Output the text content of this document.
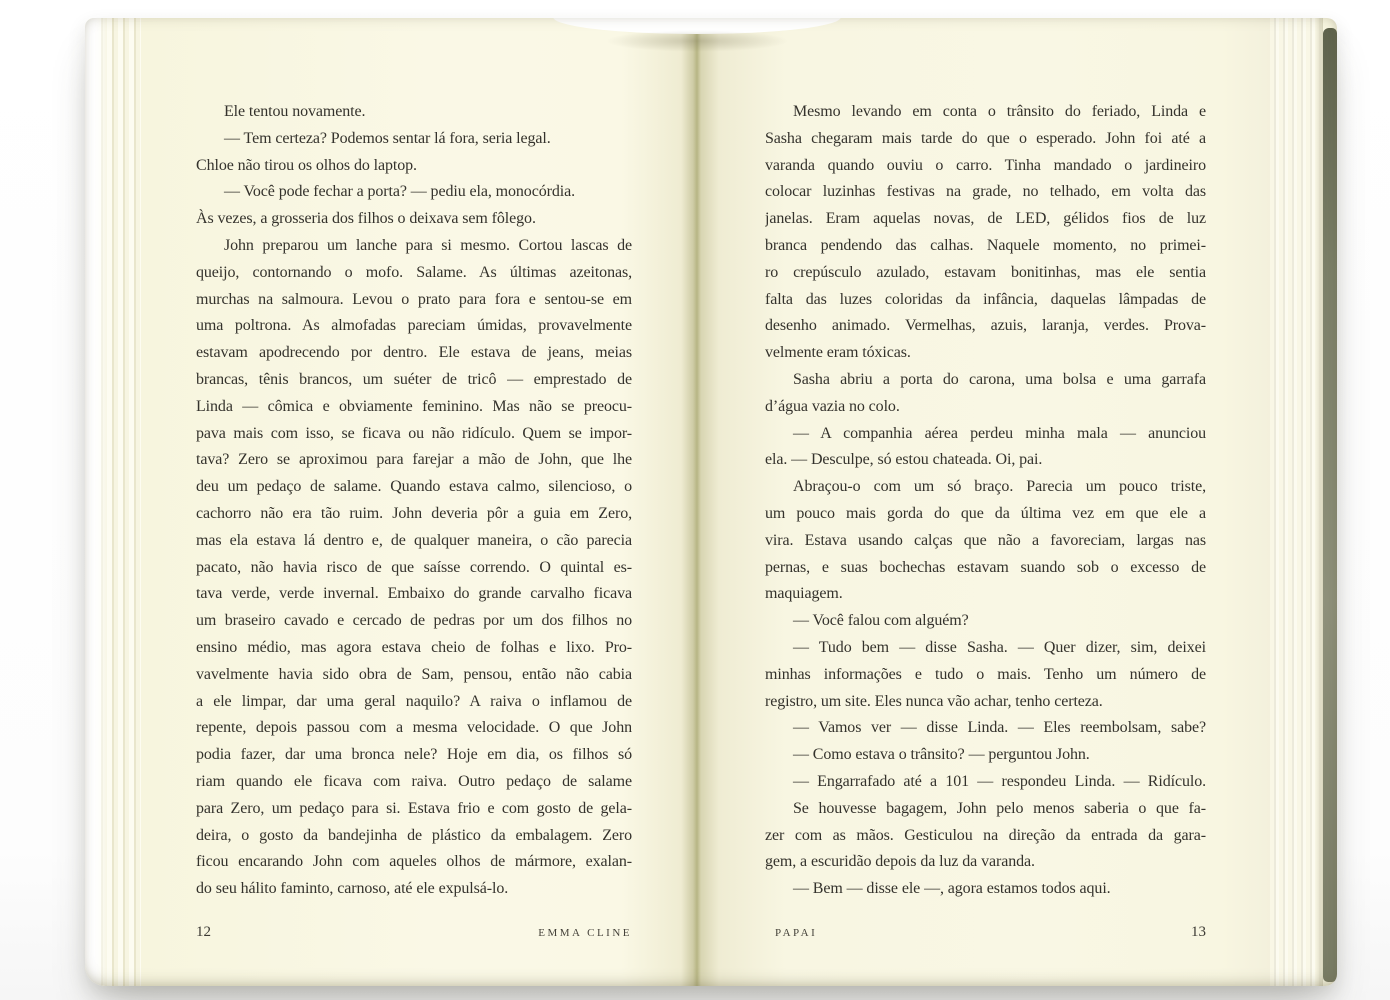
Ele tentou novamente.
— Tem certeza? Podemos sentar lá fora, seria legal.
Chloe não tirou os olhos do laptop.
— Você pode fechar a porta? — pediu ela, monocórdia.
Às vezes, a grosseria dos filhos o deixava sem fôlego.
John preparou um lanche para si mesmo. Cortou lascas de
queijo, contornando o mofo. Salame. As últimas azeitonas,
murchas na salmoura. Levou o prato para fora e sentou-se em
uma poltrona. As almofadas pareciam úmidas, provavelmente
estavam apodrecendo por dentro. Ele estava de jeans, meias
brancas, tênis brancos, um suéter de tricô — emprestado de
Linda — cômica e obviamente feminino. Mas não se preocu-
pava mais com isso, se ficava ou não ridículo. Quem se impor-
tava? Zero se aproximou para farejar a mão de John, que lhe
deu um pedaço de salame. Quando estava calmo, silencioso, o
cachorro não era tão ruim. John deveria pôr a guia em Zero,
mas ela estava lá dentro e, de qualquer maneira, o cão parecia
pacato, não havia risco de que saísse correndo. O quintal es-
tava verde, verde invernal. Embaixo do grande carvalho ficava
um braseiro cavado e cercado de pedras por um dos filhos no
ensino médio, mas agora estava cheio de folhas e lixo. Pro-
vavelmente havia sido obra de Sam, pensou, então não cabia
a ele limpar, dar uma geral naquilo? A raiva o inflamou de
repente, depois passou com a mesma velocidade. O que John
podia fazer, dar uma bronca nele? Hoje em dia, os filhos só
riam quando ele ficava com raiva. Outro pedaço de salame
para Zero, um pedaço para si. Estava frio e com gosto de gela-
deira, o gosto da bandejinha de plástico da embalagem. Zero
ficou encarando John com aqueles olhos de mármore, exalan-
do seu hálito faminto, carnoso, até ele expulsá-lo.
12	EMMA CLINE
Mesmo levando em conta o trânsito do feriado, Linda e
Sasha chegaram mais tarde do que o esperado. John foi até a
varanda quando ouviu o carro. Tinha mandado o jardineiro
colocar luzinhas festivas na grade, no telhado, em volta das
janelas. Eram aquelas novas, de LED, gélidos fios de luz
branca pendendo das calhas. Naquele momento, no primei-
ro crepúsculo azulado, estavam bonitinhas, mas ele sentia
falta das luzes coloridas da infância, daquelas lâmpadas de
desenho animado. Vermelhas, azuis, laranja, verdes. Prova-
velmente eram tóxicas.
Sasha abriu a porta do carona, uma bolsa e uma garrafa
d’água vazia no colo.
— A companhia aérea perdeu minha mala — anunciou
ela. — Desculpe, só estou chateada. Oi, pai.
Abraçou-o com um só braço. Parecia um pouco triste,
um pouco mais gorda do que da última vez em que ele a
vira. Estava usando calças que não a favoreciam, largas nas
pernas, e suas bochechas estavam suando sob o excesso de
maquiagem.
— Você falou com alguém?
— Tudo bem — disse Sasha. — Quer dizer, sim, deixei
minhas informações e tudo o mais. Tenho um número de
registro, um site. Eles nunca vão achar, tenho certeza.
— Vamos ver — disse Linda. — Eles reembolsam, sabe?
— Como estava o trânsito? — perguntou John.
— Engarrafado até a 101 — respondeu Linda. — Ridículo.
Se houvesse bagagem, John pelo menos saberia o que fa-
zer com as mãos. Gesticulou na direção da entrada da gara-
gem, a escuridão depois da luz da varanda.
— Bem — disse ele —, agora estamos todos aqui.
PAPAI	13
